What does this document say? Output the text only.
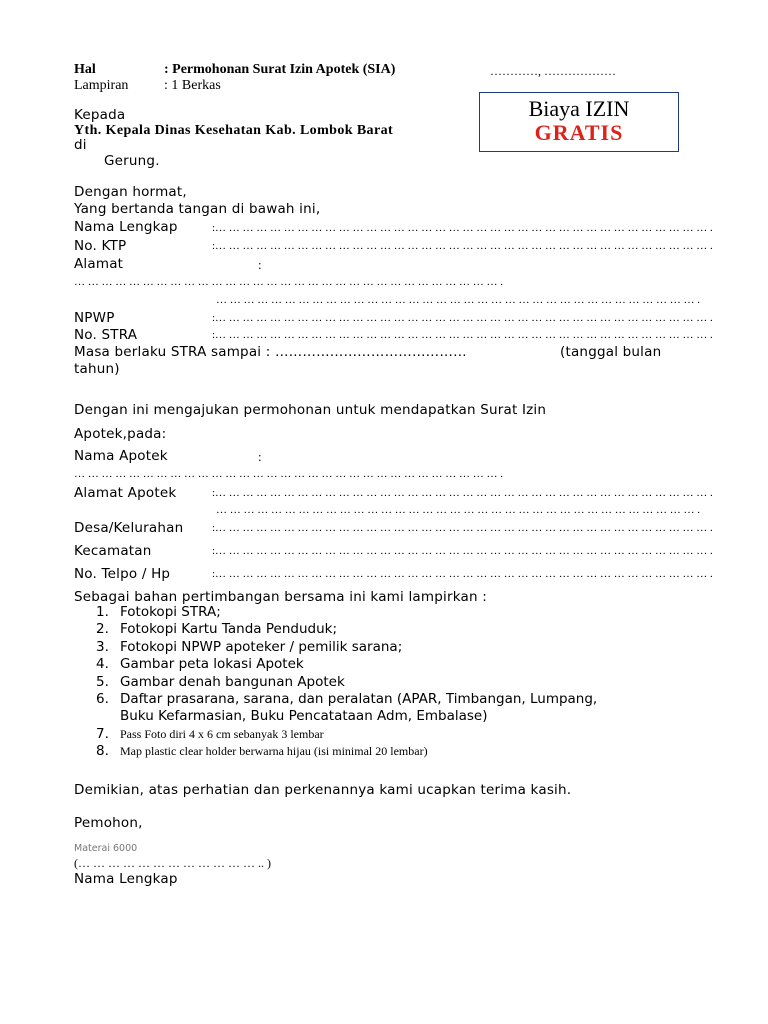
Hal	: Permohonan Surat Izin Apotek (SIA)	…………, ………………
Lampiran	: 1 Berkas
Biaya IZIN
GRATIS
Kepada
Yth. Kepala Dinas Kesehatan Kab. Lombok Barat
di
Gerung.
Dengan hormat,
Yang bertanda tangan di bawah ini,
Nama Lengkap	:… … … … … … … … … … … … … … … … … … … … … … … … … … … … … … … … … … … … .
No. KTP	:… … … … … … … … … … … … … … … … … … … … … … … … … … … … … … … … … … … … .
Alamat	:
… … … … … … … … … … … … … … … … … … … … … … … … … … … … … … … .
… … … … … … … … … … … … … … … … … … … … … … … … … … … … … … … … … … … .
NPWP	:… … … … … … … … … … … … … … … … … … … … … … … … … … … … … … … … … … … … .
No. STRA	:… … … … … … … … … … … … … … … … … … … … … … … … … … … … … … … … … … … … .
Masa berlaku STRA sampai : ……………………………………	(tanggal bulan
tahun)
Dengan ini mengajukan permohonan untuk mendapatkan Surat Izin
Apotek,pada:
Nama Apotek	:
… … … … … … … … … … … … … … … … … … … … … … … … … … … … … … … .
Alamat Apotek	:… … … … … … … … … … … … … … … … … … … … … … … … … … … … … … … … … … … … .
… … … … … … … … … … … … … … … … … … … … … … … … … … … … … … … … … … … .
Desa/Kelurahan	:… … … … … … … … … … … … … … … … … … … … … … … … … … … … … … … … … … … … .
Kecamatan	:… … … … … … … … … … … … … … … … … … … … … … … … … … … … … … … … … … … … .
No. Telpo / Hp	:… … … … … … … … … … … … … … … … … … … … … … … … … … … … … … … … … … … … .
Sebagai bahan pertimbangan bersama ini kami lampirkan :
1. Fotokopi STRA;
2. Fotokopi Kartu Tanda Penduduk;
3. Fotokopi NPWP apoteker / pemilik sarana;
4. Gambar peta lokasi Apotek
5. Gambar denah bangunan Apotek
6. Daftar prasarana, sarana, dan peralatan (APAR, Timbangan, Lumpang,
Buku Kefarmasian, Buku Pencatataan Adm, Embalase)
7. Pass Foto diri 4 x 6 cm sebanyak 3 lembar
8. Map plastic clear holder berwarna hijau (isi minimal 20 lembar)
Demikian, atas perhatian dan perkenannya kami ucapkan terima kasih.
Pemohon,
Materai 6000
(… … … … … … … … … … … … .. )
Nama Lengkap
